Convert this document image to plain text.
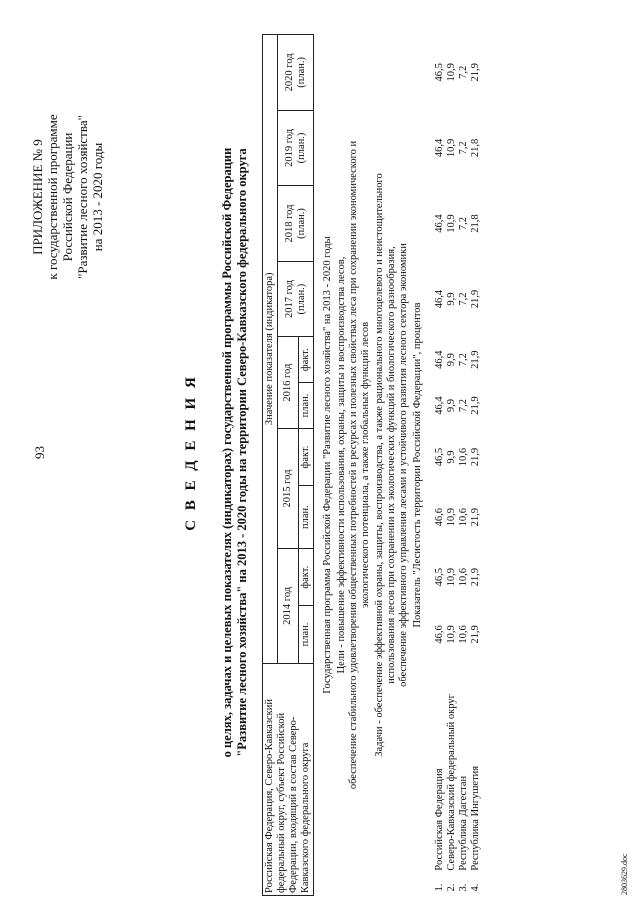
93
ПРИЛОЖЕНИЕ № 9 к государственной программе Российской Федерации "Развитие лесного хозяйства" на 2013 - 2020 годы
С В Е Д Е Н И Я о целях, задачах и целевых показателях (индикаторах) государственной программы Российской Федерации "Развитие лесного хозяйства" на 2013 - 2020 годы на территории Северо-Кавказского федерального округа
Российская Федерация, Северо-Кавказский федеральный округ, субъект Российской Федерации, входящий в состав Северо-Кавказского федерального округа		Значение показателя (индикатора)									
		2014 год		2015 год		2016 год		2017 год (план.)	2018 год (план.)	2019 год (план.)	2020 год (план.)
		план.	факт.	план.	факт.	план.	факт.				
Государственная программа Российской Федерации "Развитие лесного хозяйства" на 2013 - 2020 годы											

Цели - повышение эффективности использования, охраны, защиты и воспроизводства лесов, обеспечение стабильного удовлетворения общественных потребностей в ресурсах и полезных свойствах леса при сохранении экономического и экологического потенциала, а также глобальных функций лесов											

Задачи - обеспечение эффективной охраны, защиты, воспроизводства, а также рационального многоцелевого и неистощительного использования лесов при сохранении их экологических функций и биологического разнообразия, обеспечение эффективного управления лесами и устойчивого развития лесного сектора экономики											

Показатель "Лесистость территории Российской Федерации", процентов											
1.	Российская Федерация	46,6	46,5	46,6	46,5	46,4	46,4	46,4	46,4	46,4	46,5
2.	Северо-Кавказский федеральный округ	10,9	10,9	10,9	9,9	9,9	9,9	9,9	10,9	10,9	10,9
3.	Республика Дагестан	10,6	10,6	10,6	10,6	7,2	7,2	7,2	7,2	7,2	7,2
4.	Республика Ингушетия	21,9	21,9	21,9	21,9	21,9	21,9	21,9	21,8	21,8	21,9
2803629.doc
